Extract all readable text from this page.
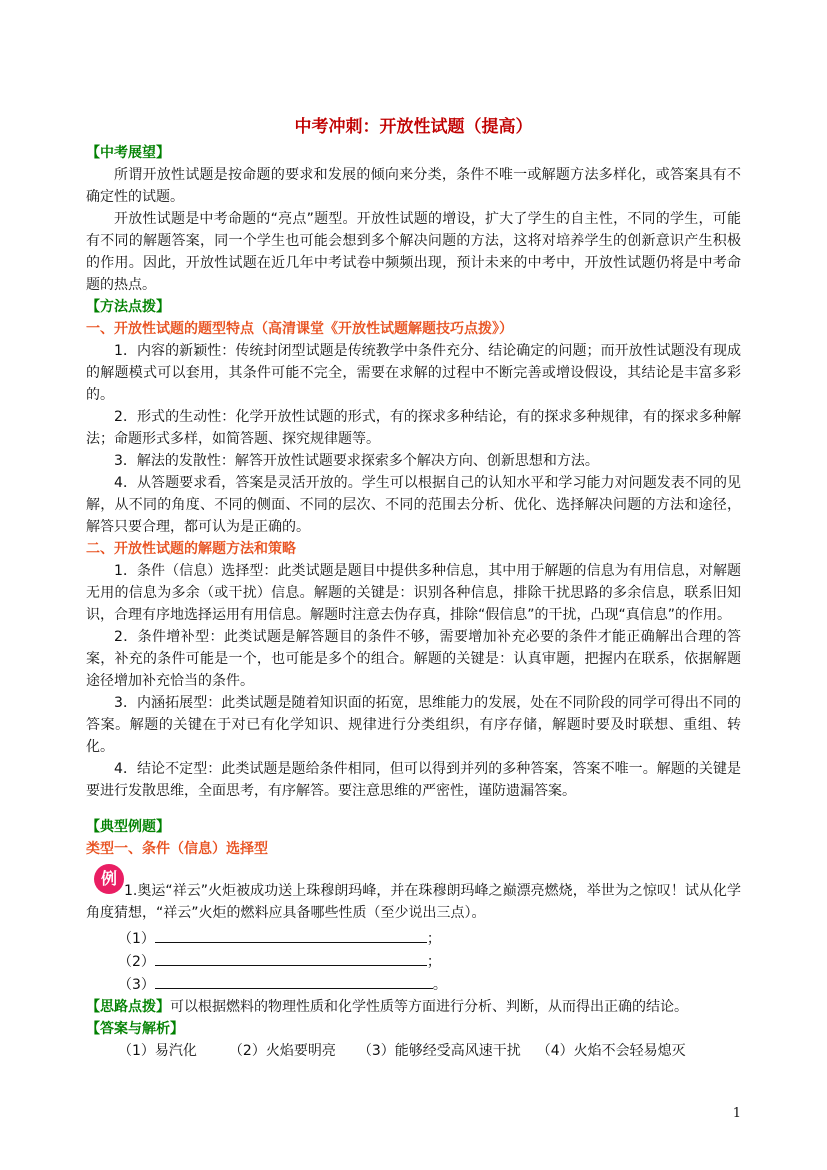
中考冲刺：开放性试题（提高）
【中考展望】

所谓开放性试题是按命题的要求和发展的倾向来分类，条件不唯一或解题方法多样化，或答案具有不确定性的试题。

开放性试题是中考命题的“亮点”题型。开放性试题的增设，扩大了学生的自主性，不同的学生，可能有不同的解题答案，同一个学生也可能会想到多个解决问题的方法，这将对培养学生的创新意识产生积极的作用。因此，开放性试题在近几年中考试卷中频频出现，预计未来的中考中，开放性试题仍将是中考命题的热点。

【方法点拨】
一、开放性试题的题型特点（高清课堂《开放性试题解题技巧点拨》）

1．内容的新颖性：传统封闭型试题是传统教学中条件充分、结论确定的问题；而开放性试题没有现成的解题模式可以套用，其条件可能不完全，需要在求解的过程中不断完善或增设假设，其结论是丰富多彩的。

2．形式的生动性：化学开放性试题的形式，有的探求多种结论，有的探求多种规律，有的探求多种解法；命题形式多样，如简答题、探究规律题等。

3．解法的发散性：解答开放性试题要求探索多个解决方向、创新思想和方法。

4．从答题要求看，答案是灵活开放的。学生可以根据自己的认知水平和学习能力对问题发表不同的见解，从不同的角度、不同的侧面、不同的层次、不同的范围去分析、优化、选择解决问题的方法和途径，解答只要合理，都可认为是正确的。

二、开放性试题的解题方法和策略

1．条件（信息）选择型：此类试题是题目中提供多种信息，其中用于解题的信息为有用信息，对解题无用的信息为多余（或干扰）信息。解题的关键是：识别各种信息，排除干扰思路的多余信息，联系旧知识，合理有序地选择运用有用信息。解题时注意去伪存真，排除“假信息”的干扰，凸现“真信息”的作用。

2．条件增补型：此类试题是解答题目的条件不够，需要增加补充必要的条件才能正确解出合理的答案，补充的条件可能是一个，也可能是多个的组合。解题的关键是：认真审题，把握内在联系，依据解题途径增加补充恰当的条件。

3．内涵拓展型：此类试题是随着知识面的拓宽，思维能力的发展，处在不同阶段的同学可得出不同的答案。解题的关键在于对已有化学知识、规律进行分类组织，有序存储，解题时要及时联想、重组、转化。

4．结论不定型：此类试题是题给条件相同，但可以得到并列的多种答案，答案不唯一。解题的关键是要进行发散思维，全面思考，有序解答。要注意思维的严密性，谨防遗漏答案。

【典型例题】
类型一、条件（信息）选择型
例

1.奥运“祥云”火炬被成功送上珠穆朗玛峰，并在珠穆朗玛峰之巅漂亮燃烧，举世为之惊叹！试从化学角度猜想，“祥云”火炬的燃料应具备哪些性质（至少说出三点）。

（1）	；
（2）	；
（3）	。
【思路点拨】可以根据燃料的物理性质和化学性质等方面进行分析、判断，从而得出正确的结论。
【答案与解析】
（1）易汽化 （2）火焰要明亮 （3）能够经受高风速干扰 （4）火焰不会轻易熄灭
1
